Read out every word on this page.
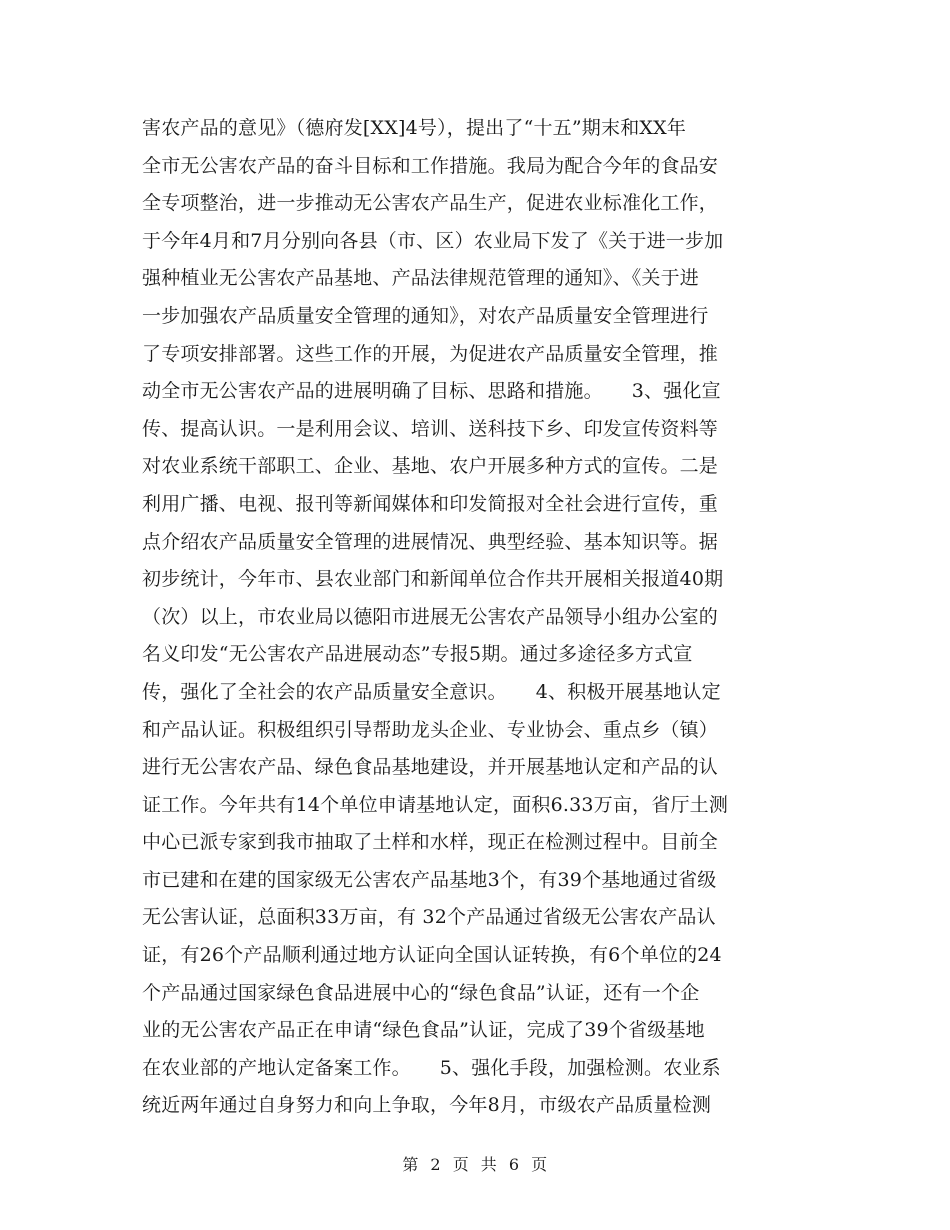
害农产品的意见》（德府发[XX]4号），提出了“十五”期末和XX年
全市无公害农产品的奋斗目标和工作措施。我局为配合今年的食品安
全专项整治，进一步推动无公害农产品生产，促进农业标准化工作，
于今年4月和7月分别向各县（市、区）农业局下发了《关于进一步加
强种植业无公害农产品基地、产品法律规范管理的通知》、《关于进
一步加强农产品质量安全管理的通知》，对农产品质量安全管理进行
了专项安排部署。这些工作的开展，为促进农产品质量安全管理，推
动全市无公害农产品的进展明确了目标、思路和措施。　　3、强化宣
传、提高认识。一是利用会议、培训、送科技下乡、印发宣传资料等
对农业系统干部职工、企业、基地、农户开展多种方式的宣传。二是
利用广播、电视、报刊等新闻媒体和印发简报对全社会进行宣传，重
点介绍农产品质量安全管理的进展情况、典型经验、基本知识等。据
初步统计，今年市、县农业部门和新闻单位合作共开展相关报道40期
（次）以上，市农业局以德阳市进展无公害农产品领导小组办公室的
名义印发“无公害农产品进展动态”专报5期。通过多途径多方式宣
传，强化了全社会的农产品质量安全意识。　　4、积极开展基地认定
和产品认证。积极组织引导帮助龙头企业、专业协会、重点乡（镇）
进行无公害农产品、绿色食品基地建设，并开展基地认定和产品的认
证工作。今年共有14个单位申请基地认定，面积6.33万亩，省厅土测
中心已派专家到我市抽取了土样和水样，现正在检测过程中。目前全
市已建和在建的国家级无公害农产品基地3个，有39个基地通过省级
无公害认证，总面积33万亩，有 32个产品通过省级无公害农产品认
证，有26个产品顺利通过地方认证向全国认证转换，有6个单位的24
个产品通过国家绿色食品进展中心的“绿色食品”认证，还有一个企
业的无公害农产品正在申请“绿色食品”认证，完成了39个省级基地
在农业部的产地认定备案工作。　　5、强化手段，加强检测。农业系
统近两年通过自身努力和向上争取，今年8月，市级农产品质量检测
第 2 页 共 6 页
